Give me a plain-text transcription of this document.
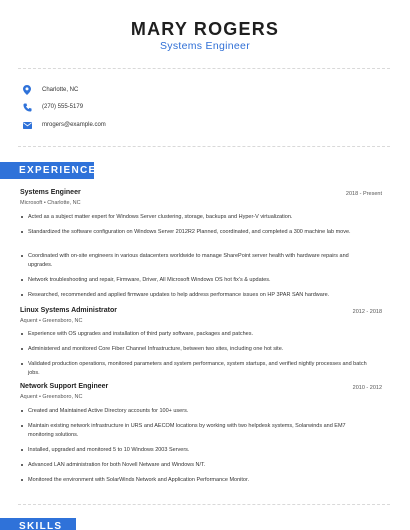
MARY ROGERS
Systems Engineer
Charlotte, NC
(270) 555-5179
mrogers@example.com
EXPERIENCE
Systems Engineer	2018 - Present
Microsoft • Charlotte, NC
Acted as a subject matter expert for Windows Server clustering, storage, backups and Hyper-V virtualization.
Standardized the software configuration on Windows Server 2012R2 Planned, coordinated, and completed a 300 machine lab move.
Coordinated with on-site engineers in various datacenters worldwide to manage SharePoint server health with hardware repairs and upgrades.
Network troubleshooting and repair, Firmware, Driver, All Microsoft Windows OS hot fix's & updates.
Researched, recommended and applied firmware updates to help address performance issues on HP 3PAR SAN hardware.
Linux Systems Administrator	2012 - 2018
Aquent • Greensboro, NC
Experience with OS upgrades and installation of third party software, packages and patches.
Administered and monitored Core Fiber Channel Infrastructure, between two sites, including one hot site.
Validated production operations, monitored parameters and system performance, system startups, and verified nightly processes and batch jobs.
Network Support Engineer	2010 - 2012
Aquent • Greensboro, NC
Created and Maintained Active Directory accounts for 100+ users.
Maintain existing network infrastructure in URS and AECOM locations by working with two helpdesk systems, Solarwinds and EM7 monitoring solutions.
Installed, upgraded and monitored 5 to 10 Windows 2003 Servers.
Advanced LAN administration for both Novell Netware and Windows N/T.
Monitored the environment with SolarWinds Network and Application Performance Monitor.
SKILLS
